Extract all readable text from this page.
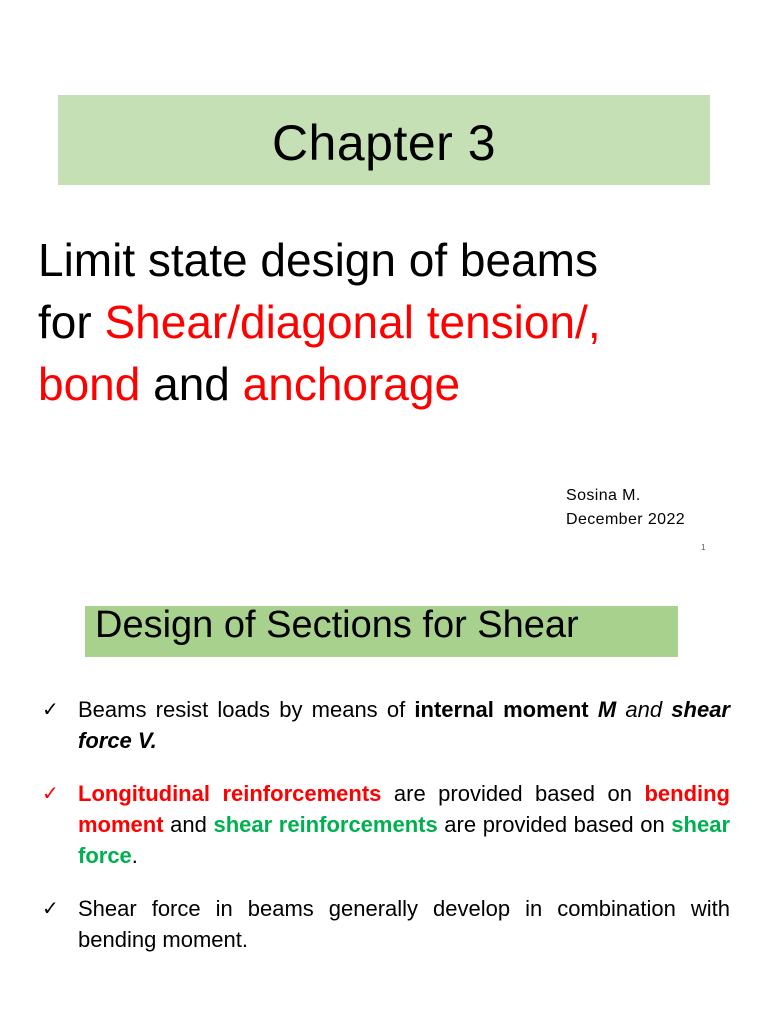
Chapter 3
Limit state design of beams
for Shear/diagonal tension/,
bond and anchorage
Sosina M.
December 2022
1
Design of Sections for Shear
✓ Beams resist loads by means of internal moment M and shear force V.
✓ Longitudinal reinforcements are provided based on bending moment and shear reinforcements are provided based on shear force.
✓ Shear force in beams generally develop in combination with bending moment.
